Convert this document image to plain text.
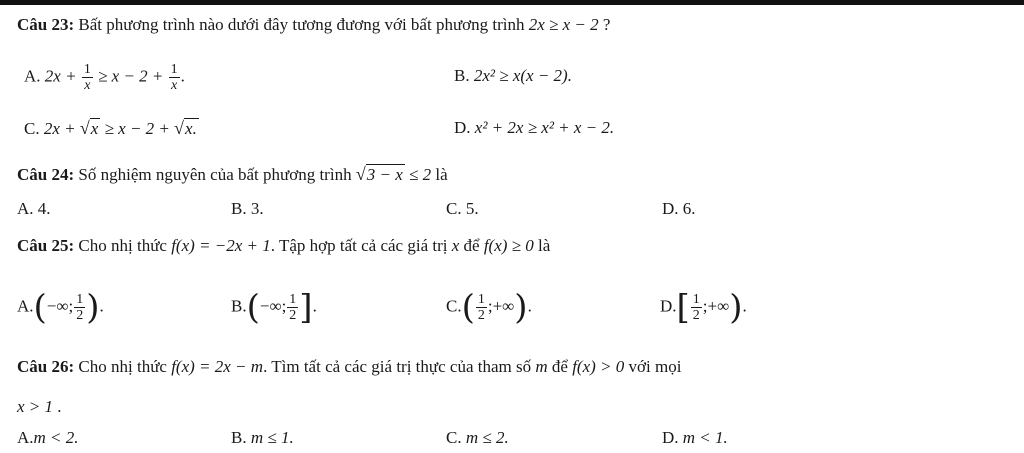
Câu 23: Bất phương trình nào dưới đây tương đương với bất phương trình 2x ≥ x − 2 ?
A. $2x + \frac{1}{x} \ge x - 2 + \frac{1}{x}$ .	B. 2x² ≥ x(x − 2).
C. 2x + √x ≥ x − 2 + √x.	D. x² + 2x ≥ x² + x − 2.
Câu 24: Số nghiệm nguyên của bất phương trình √3 − x ≤ 2 là
A. 4.	B. 3.	C. 5.	D. 6.
Câu 25: Cho nhị thức f(x) = −2x + 1. Tập hợp tất cả các giá trị x để f(x) ≥ 0 là
A.(−∞; $\frac{1}{2}$ ).	B.(−∞; $\frac{1}{2}$ ].	$C.( \frac{1}{2}$ ;+∞).	$D.[ \frac{1}{2}$ ;+∞).
Câu 26: Cho nhị thức f(x) = 2x − m. Tìm tất cả các giá trị thực của tham số m để f(x) > 0 với mọi
x > 1 .
A.m < 2.	B. m ≤ 1.	C. m ≤ 2.	D. m < 1.
